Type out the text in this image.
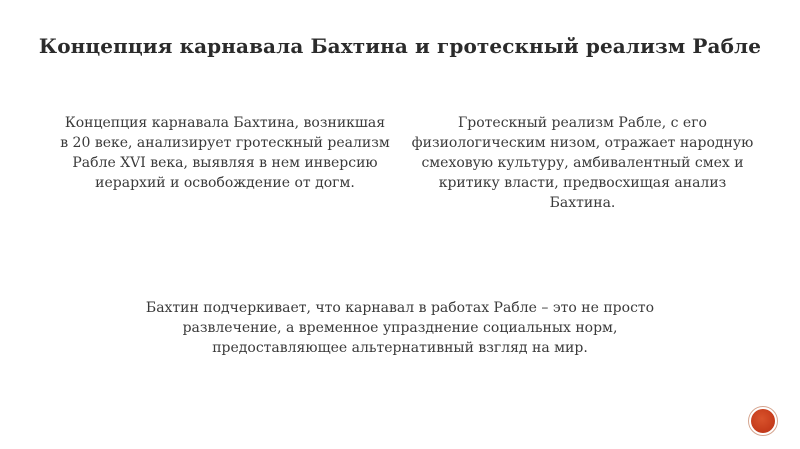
Концепция карнавала Бахтина и гротескный реализм Рабле

Концепция карнавала Бахтина, возникшая в 20 веке, анализирует гротескный реализм Рабле XVI века, выявляя в нем инверсию иерархий и освобождение от догм.

Гротескный реализм Рабле, с его физиологическим низом, отражает народную смеховую культуру, амбивалентный смех и критику власти, предвосхищая анализ Бахтина.

Бахтин подчеркивает, что карнавал в работах Рабле – это не просто развлечение, а временное упразднение социальных норм, предоставляющее альтернативный взгляд на мир.
